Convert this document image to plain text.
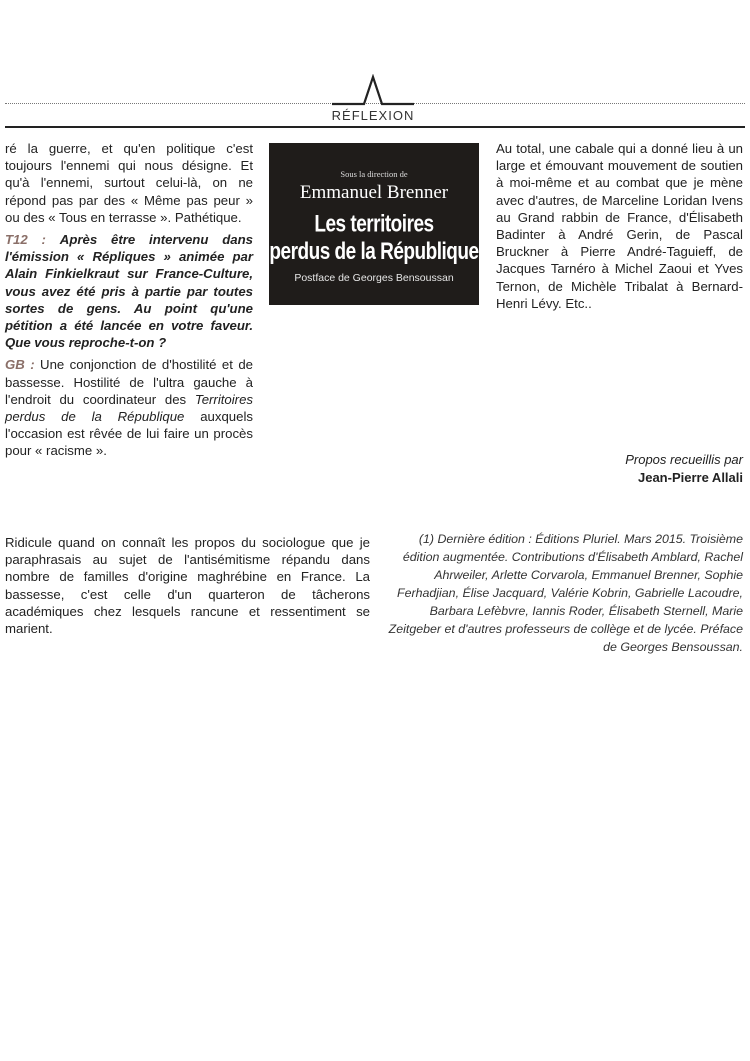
RÉFLEXION

ré la guerre, et qu'en politique c'est toujours l'ennemi qui nous désigne. Et qu'à l'ennemi, surtout celui-là, on ne répond pas par des « Même pas peur » ou des « Tous en terrasse ». Pathétique.

T12 : Après être intervenu dans l'émission « Répliques » animée par Alain Finkielkraut sur France-Culture, vous avez été pris à partie par toutes sortes de gens. Au point qu'une pétition a été lancée en votre faveur. Que vous reproche-t-on ?

GB : Une conjonction de d'hostilité et de bassesse. Hostilité de l'ultra gauche à l'endroit du coordinateur des Territoires perdus de la République auxquels l'occasion est rêvée de lui faire un procès pour « racisme ».

Ridicule quand on connaît les propos du sociologue que je paraphrasais au sujet de l'antisémitisme répandu dans nombre de familles d'origine maghrébine en France. La bassesse, c'est celle d'un quarteron de tâcherons académiques chez lesquels rancune et ressentiment se marient.

Sous la direction de
Emmanuel Brenner
Les territoires
perdus de la République
Postface de Georges Bensoussan

Au total, une cabale qui a donné lieu à un large et émouvant mouvement de soutien à moi-même et au combat que je mène avec d'autres, de Marceline Loridan Ivens au Grand rabbin de France, d'Élisabeth Badinter à André Gerin, de Pascal Bruckner à Pierre André-Taguieff, de Jacques Tarnéro à Michel Zaoui et Yves Ternon, de Michèle Tribalat à Bernard-Henri Lévy. Etc..

Propos recueillis par
Jean-Pierre Allali

(1) Dernière édition : Éditions Pluriel. Mars 2015. Troisième édition augmentée. Contributions d'Élisabeth Amblard, Rachel Ahrweiler, Arlette Corvarola, Emmanuel Brenner, Sophie Ferhadjian, Élise Jacquard, Valérie Kobrin, Gabrielle Lacoudre, Barbara Lefèbvre, Iannis Roder, Élisabeth Sternell, Marie Zeitgeber et d'autres professeurs de collège et de lycée. Préface de Georges Bensoussan.
